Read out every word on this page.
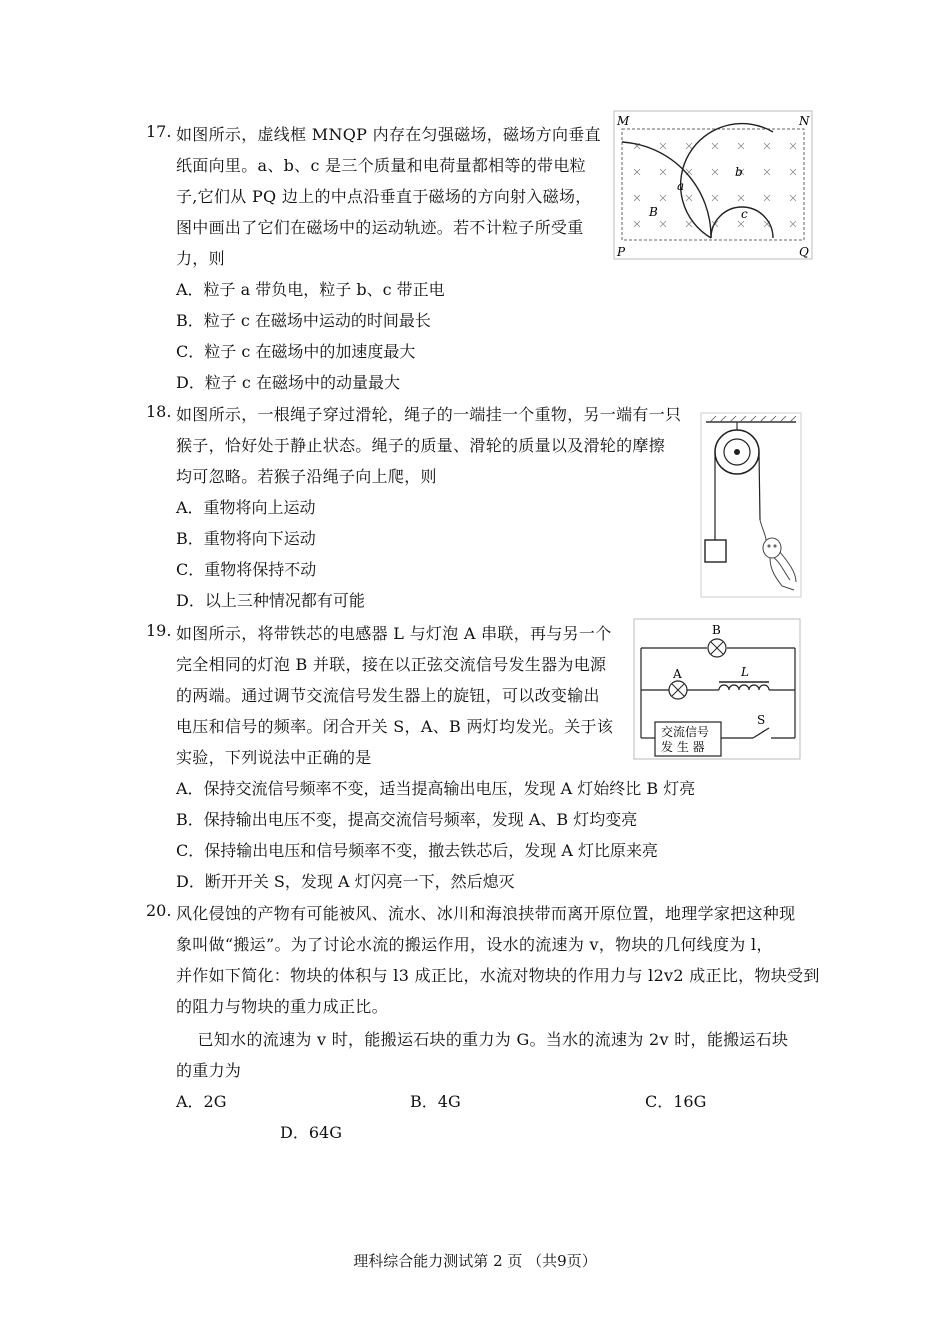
17. 如图所示，虚线框 MNQP 内存在匀强磁场，磁场方向垂直
纸面向里。a、b、c 是三个质量和电荷量都相等的带电粒
子,它们从 PQ 边上的中点沿垂直于磁场的方向射入磁场，
图中画出了它们在磁场中的运动轨迹。若不计粒子所受重
力，则
A．粒子 a 带负电，粒子 b、c 带正电
B．粒子 c 在磁场中运动的时间最长
C．粒子 c 在磁场中的加速度最大
D．粒子 c 在磁场中的动量最大
M	N
P	Q
a
b
c
B
18. 如图所示，一根绳子穿过滑轮，绳子的一端挂一个重物，另一端有一只
猴子，恰好处于静止状态。绳子的质量、滑轮的质量以及滑轮的摩擦
均可忽略。若猴子沿绳子向上爬，则
A．重物将向上运动
B．重物将向下运动
C．重物将保持不动
D．以上三种情况都有可能
19. 如图所示，将带铁芯的电感器 L 与灯泡 A 串联，再与另一个
完全相同的灯泡 B 并联，接在以正弦交流信号发生器为电源
的两端。通过调节交流信号发生器上的旋钮，可以改变输出
电压和信号的频率。闭合开关 S，A、B 两灯均发光。关于该
实验，下列说法中正确的是
A．保持交流信号频率不变，适当提高输出电压，发现 A 灯始终比 B 灯亮
B．保持输出电压不变，提高交流信号频率，发现 A、B 灯均变亮
C．保持输出电压和信号频率不变，撤去铁芯后，发现 A 灯比原来亮
D．断开开关 S，发现 A 灯闪亮一下，然后熄灭
B
A	L
交流信号
发 生 器
S
20. 风化侵蚀的产物有可能被风、流水、冰川和海浪挟带而离开原位置，地理学家把这种现
象叫做“搬运”。为了讨论水流的搬运作用，设水的流速为 v，物块的几何线度为 l，
并作如下简化：物块的体积与 l3 成正比，水流对物块的作用力与 l2v2 成正比，物块受到
的阻力与物块的重力成正比。
已知水的流速为 v 时，能搬运石块的重力为 G。当水的流速为 2v 时，能搬运石块
的重力为
A．2G	B．4G	C．16G
D．64G
理科综合能力测试第 2 页 （共9页）
